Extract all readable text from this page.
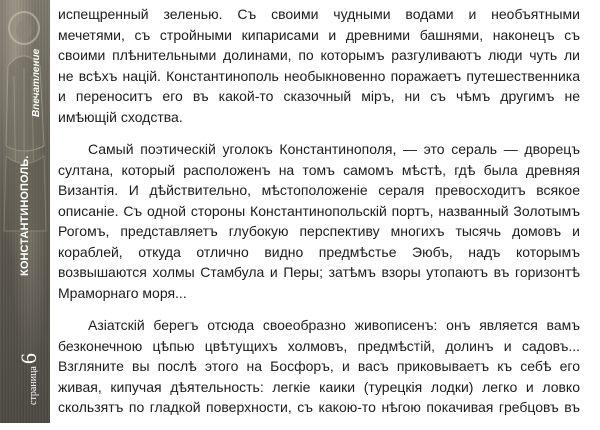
КОНСТАНТИНОПОЛЬ.
Впечатление
страница6
испещренный зеленью. Съ своими чудными водами и необъятными
мечетями, съ стройными кипарисами и древними башнями, наконецъ съ
своими плѣнительными долинами, по которымъ разгуливаютъ люди чуть ли
не всѣхъ націй. Константинополь необыкновенно поражаетъ путешественника
и переноситъ его въ какой-то сказочный міръ, ни съ чѣмъ другимъ не
имѣющій сходства.
Самый поэтическій уголокъ Константинополя, — это сераль — дворецъ
султана, который расположенъ на томъ самомъ мѣстѣ, гдѣ была древняя
Византія. И дѣйствительно, мѣстоположеніе сераля превосходитъ всякое
описаніе. Съ одной стороны Константинопольскій портъ, названный Золотымъ
Рогомъ, представляетъ глубокую перспективу многихъ тысячь домовъ и
кораблей, откуда отлично видно предмѣстье Эюбъ, надъ которымъ
возвышаются холмы Стамбула и Перы; затѣмъ взоры утопаютъ въ горизонтѣ
Мраморнаго моря...
Азіатскій берегъ отсюда своеобразно живописенъ: онъ является вамъ
безконечною цѣпью цвѣтущихъ холмовъ, предмѣстій, долинъ и садовъ...
Взгляните вы послѣ этого на Босфоръ, и васъ приковываетъ къ себѣ его
живая, кипучая дѣятельность: легкіе каики (турецкія лодки) легко и ловко
скользятъ по гладкой поверхности, съ какою-то нѣгою покачивая гребцовъ въ
